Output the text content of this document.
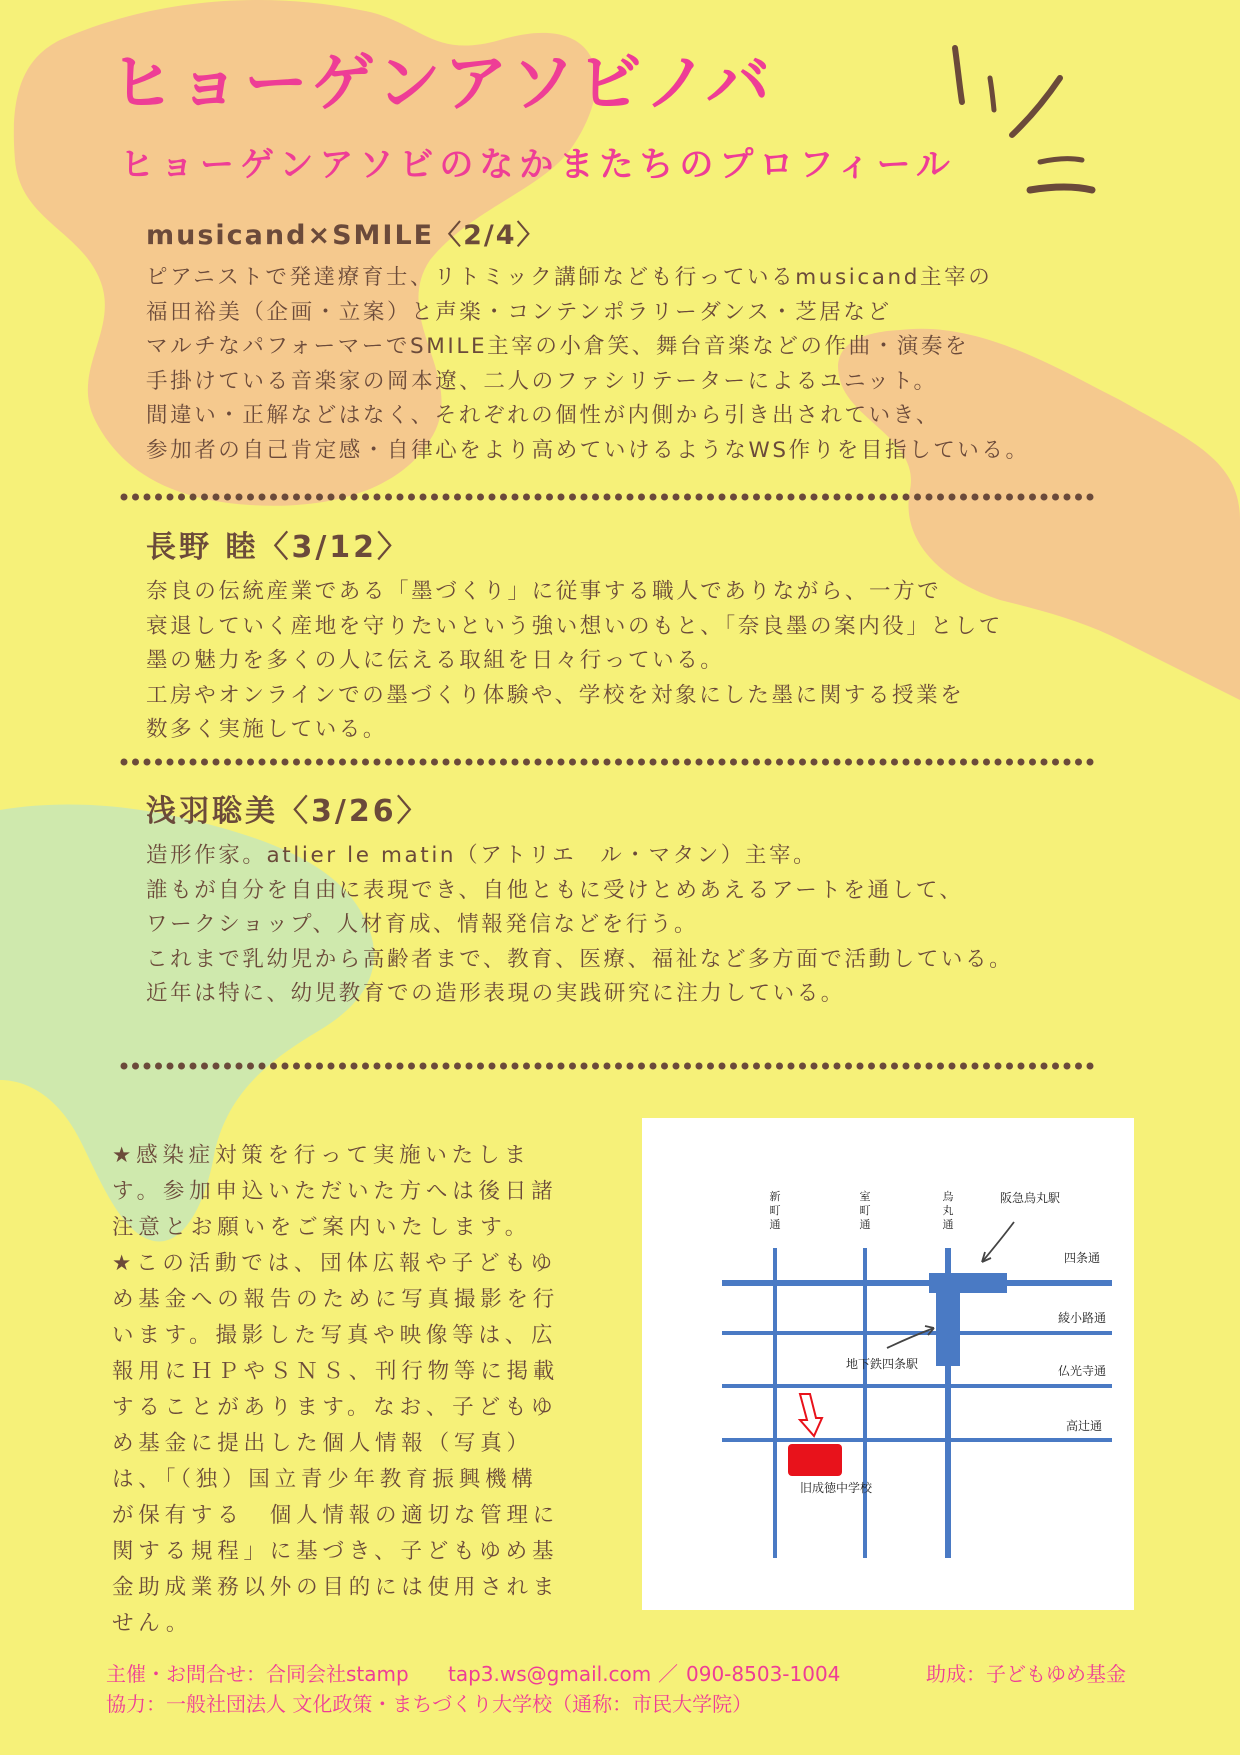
ヒョーゲンアソビノバ
ヒョーゲンアソビのなかまたちのプロフィール
musicand×SMILE〈2/4〉
ピアニストで発達療育士、リトミック講師なども行っているmusicand主宰の
福田裕美（企画・立案）と声楽・コンテンポラリーダンス・芝居など
マルチなパフォーマーでSMILE主宰の小倉笑、舞台音楽などの作曲・演奏を
手掛けている音楽家の岡本遼、二人のファシリテーターによるユニット。
間違い・正解などはなく、それぞれの個性が内側から引き出されていき、
参加者の自己肯定感・自律心をより高めていけるようなWS作りを目指している。
長野 睦〈3/12〉
奈良の伝統産業である「墨づくり」に従事する職人でありながら、一方で
衰退していく産地を守りたいという強い想いのもと、「奈良墨の案内役」として
墨の魅力を多くの人に伝える取組を日々行っている。
工房やオンラインでの墨づくり体験や、学校を対象にした墨に関する授業を
数多く実施している。
浅羽聡美〈3/26〉
造形作家。atlier le matin（アトリエ　ル・マタン）主宰。
誰もが自分を自由に表現でき、自他ともに受けとめあえるアートを通して、
ワークショップ、人材育成、情報発信などを行う。
これまで乳幼児から高齢者まで、教育、医療、福祉など多方面で活動している。
近年は特に、幼児教育での造形表現の実践研究に注力している。
★感染症対策を行って実施いたしま
す。参加申込いただいた方へは後日諸
注意とお願いをご案内いたします。
★この活動では、団体広報や子どもゆ
め基金への報告のために写真撮影を行
います。撮影した写真や映像等は、広
報用にＨＰやＳＮＳ、刊行物等に掲載
することがあります。なお、子どもゆ
め基金に提出した個人情報（写真）
は、「（独）国立青少年教育振興機構
が保有する　個人情報の適切な管理に
関する規程」に基づき、子どもゆめ基
金助成業務以外の目的には使用されま
せん。
新町通
室町通
烏丸通
阪急烏丸駅
四条通
綾小路通
地下鉄四条駅	仏光寺通
高辻通
旧成徳中学校
主催・お問合せ：合同会社stamp tap3.ws@gmail.com ／ 090-8503-1004	助成：子どもゆめ基金
協力：一般社団法人 文化政策・まちづくり大学校（通称：市民大学院）
